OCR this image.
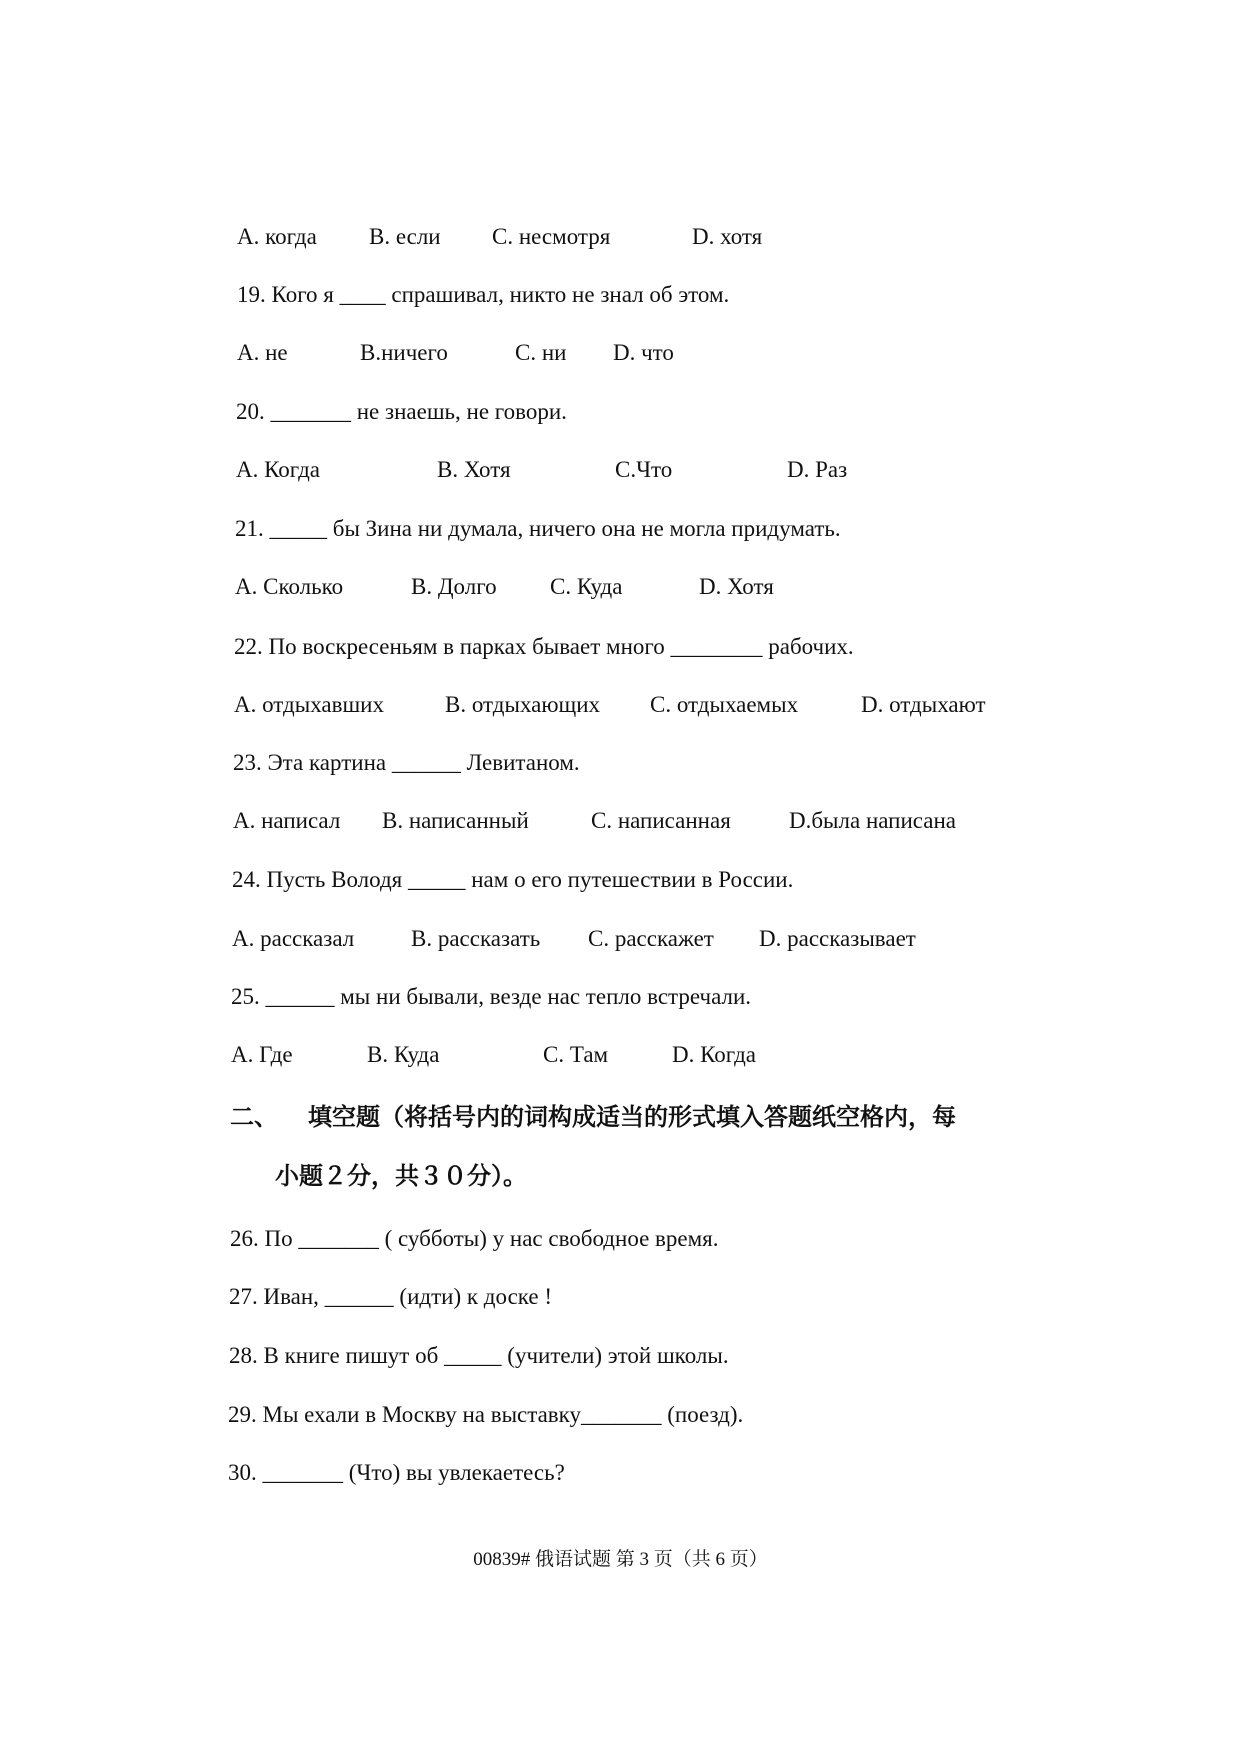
A. когда B. если C. несмотря	D. хотя
19. Кого я ____ спрашивал, никто не знал об этом.
A. не	B.ничего	C. ни D. что
20. _______ не знаешь, не говори.
A. Когда	B. Хотя	C.Что	D. Раз
21. _____ бы Зина ни думала, ничего она не могла придумать.
A. Сколько	B. Долго C. Куда	D. Хотя
22. По воскресеньям в парках бывает много ________ рабочих.
A. отдыхавших	B. отдыхающих C. отдыхаемых	D. отдыхают
23. Эта картина ______ Левитаном.
A. написал B. написанный	C. написанная	D.была написана
24. Пусть Володя _____ нам о его путешествии в России.
A. рассказал B. рассказать C. расскажет D. рассказывает
25. ______ мы ни бывали, везде нас тепло встречали.
A. Где	B. Куда	C. Там	D. Когда
二、 填空题（将括号内的词构成适当的形式填入答题纸空格内，每
小题２分，共３０分）。
26. По _______ ( субботы) у нас свободное время.
27. Иван, ______ (идти) к доске !
28. В книге пишут об _____ (учители) этой школы.
29. Мы ехали в Москву на выставку_______ (поезд).
30. _______ (Что) вы увлекаетесь?
00839# 俄语试题 第 3 页（共 6 页）
